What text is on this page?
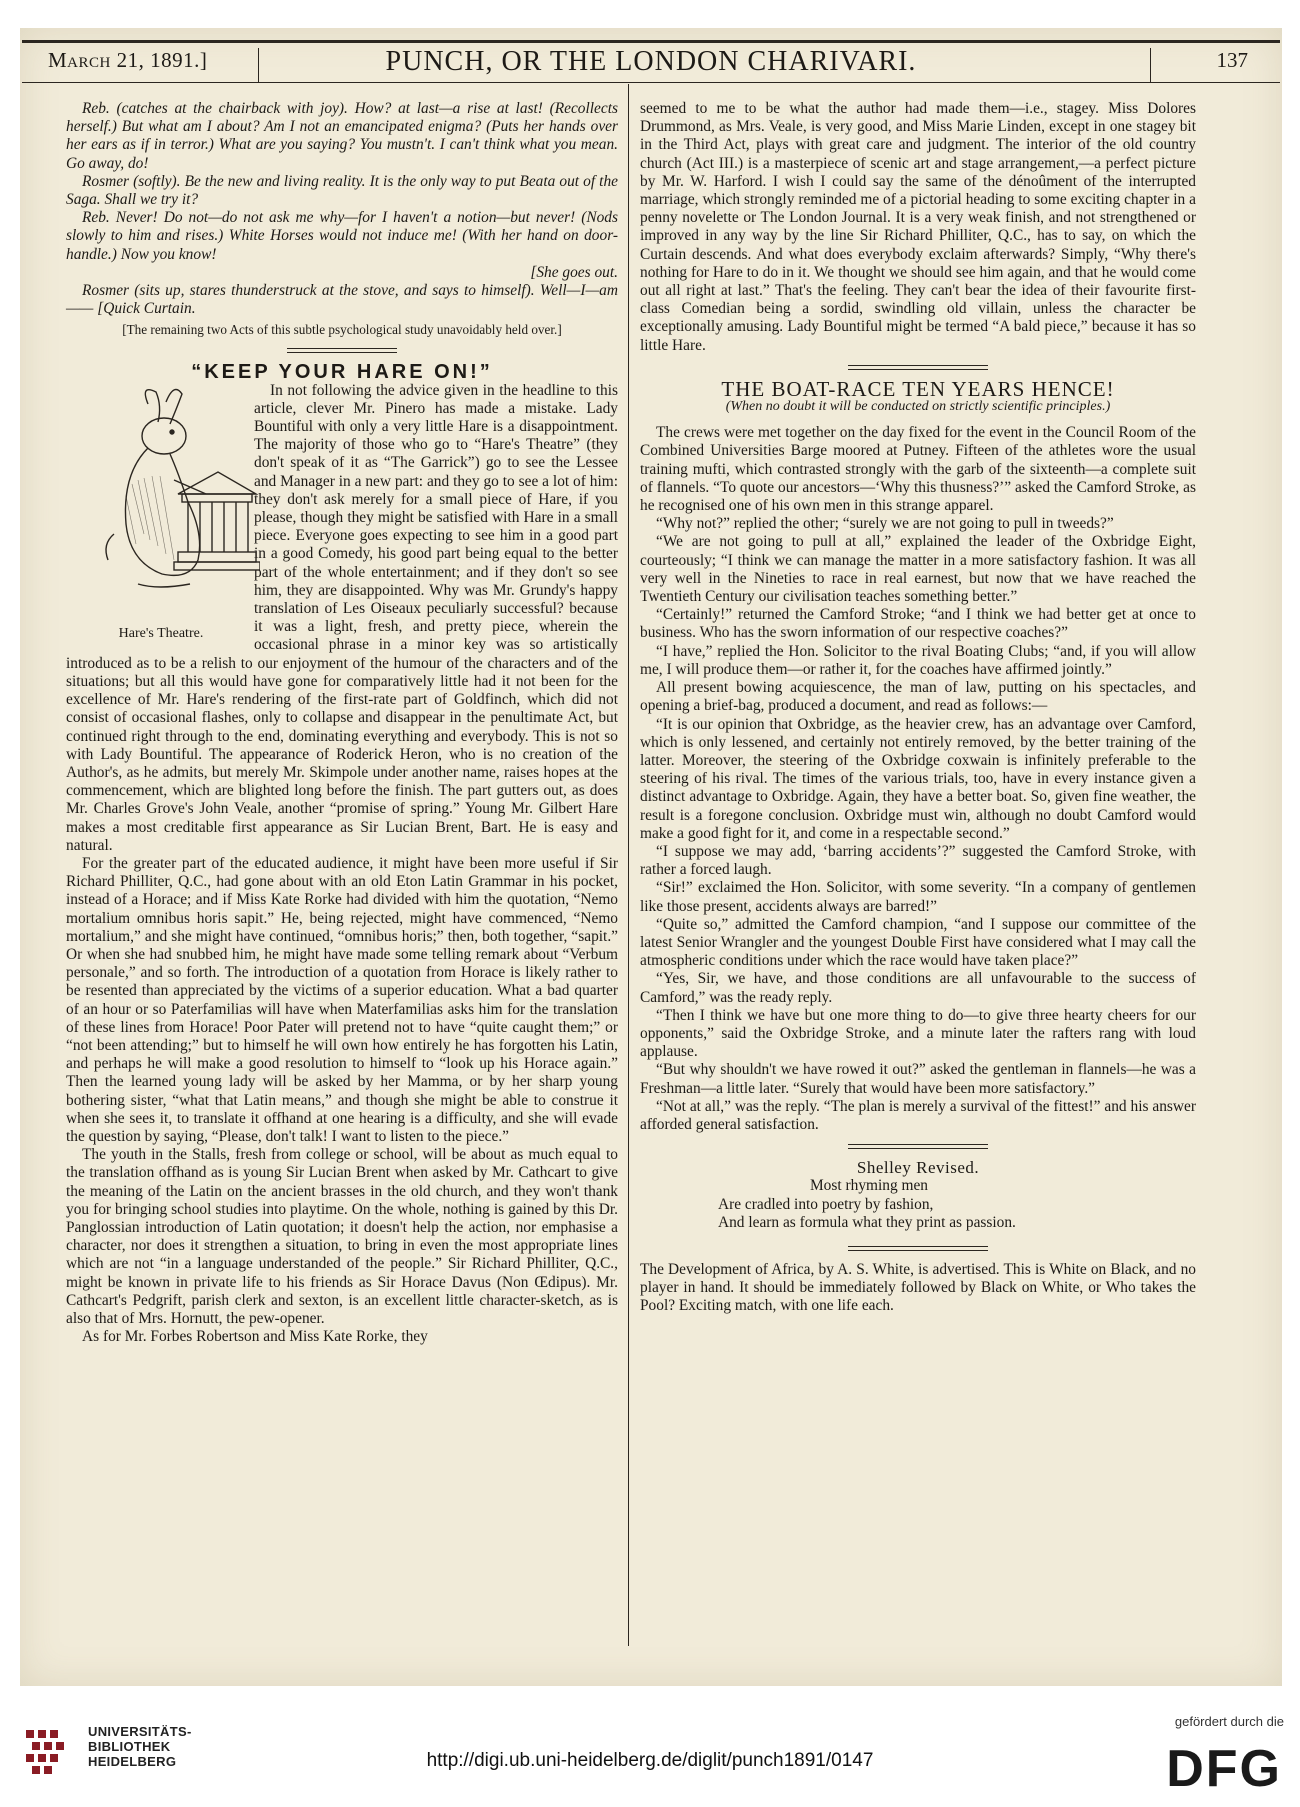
March 21, 1891.]	PUNCH, OR THE LONDON CHARIVARI.	137

Reb. (catches at the chairback with joy). How? at last—a rise at last! (Recollects herself.) But what am I about? Am I not an emancipated enigma? (Puts her hands over her ears as if in terror.) What are you saying? You mustn't. I can't think what you mean. Go away, do!

Rosmer (softly). Be the new and living reality. It is the only way to put Beata out of the Saga. Shall we try it?

Reb. Never! Do not—do not ask me why—for I haven't a notion—but never! (Nods slowly to him and rises.) White Horses would not induce me! (With her hand on door-handle.) Now you know!

[She goes out.

Rosmer (sits up, stares thunderstruck at the stove, and says to himself). Well—I—am—— [Quick Curtain.

[The remaining two Acts of this subtle psychological study unavoidably held over.]

“KEEP YOUR HARE ON!”

Hare's Theatre.
In not following the advice given in the headline to this article, clever Mr. Pinero has made a mistake. Lady Bountiful with only a very little Hare is a disappointment. The majority of those who go to “Hare's Theatre” (they don't speak of it as “The Garrick”) go to see the Lessee and Manager in a new part: and they go to see a lot of him: they don't ask merely for a small piece of Hare, if you please, though they might be satisfied with Hare in a small piece. Everyone goes expecting to see him in a good part in a good Comedy, his good part being equal to the better part of the whole entertainment; and if they don't so see him, they are disappointed. Why was Mr. Grundy's happy translation of Les Oiseaux peculiarly successful? because it was a light, fresh, and pretty piece, wherein the occasional phrase in a minor key was so artistically introduced as to be a relish to our enjoyment of the humour of the characters and of the situations; but all this would have gone for comparatively little had it not been for the excellence of Mr. Hare's rendering of the first-rate part of Goldfinch, which did not consist of occasional flashes, only to collapse and disappear in the penultimate Act, but continued right through to the end, dominating everything and everybody. This is not so with Lady Bountiful. The appearance of Roderick Heron, who is no creation of the Author's, as he admits, but merely Mr. Skimpole under another name, raises hopes at the commencement, which are blighted long before the finish. The part gutters out, as does Mr. Charles Grove's John Veale, another “promise of spring.” Young Mr. Gilbert Hare makes a most creditable first appearance as Sir Lucian Brent, Bart. He is easy and natural.

For the greater part of the educated audience, it might have been more useful if Sir Richard Philliter, Q.C., had gone about with an old Eton Latin Grammar in his pocket, instead of a Horace; and if Miss Kate Rorke had divided with him the quotation, “Nemo mortalium omnibus horis sapit.” He, being rejected, might have commenced, “Nemo mortalium,” and she might have continued, “omnibus horis;” then, both together, “sapit.” Or when she had snubbed him, he might have made some telling remark about “Verbum personale,” and so forth. The introduction of a quotation from Horace is likely rather to be resented than appreciated by the victims of a superior education. What a bad quarter of an hour or so Paterfamilias will have when Materfamilias asks him for the translation of these lines from Horace! Poor Pater will pretend not to have “quite caught them;” or “not been attending;” but to himself he will own how entirely he has forgotten his Latin, and perhaps he will make a good resolution to himself to “look up his Horace again.” Then the learned young lady will be asked by her Mamma, or by her sharp young bothering sister, “what that Latin means,” and though she might be able to construe it when she sees it, to translate it offhand at one hearing is a difficulty, and she will evade the question by saying, “Please, don't talk! I want to listen to the piece.”

The youth in the Stalls, fresh from college or school, will be about as much equal to the translation offhand as is young Sir Lucian Brent when asked by Mr. Cathcart to give the meaning of the Latin on the ancient brasses in the old church, and they won't thank you for bringing school studies into playtime. On the whole, nothing is gained by this Dr. Panglossian introduction of Latin quotation; it doesn't help the action, nor emphasise a character, nor does it strengthen a situation, to bring in even the most appropriate lines which are not “in a language understanded of the people.” Sir Richard Philliter, Q.C., might be known in private life to his friends as Sir Horace Davus (Non Œdipus). Mr. Cathcart's Pedgrift, parish clerk and sexton, is an excellent little character-sketch, as is also that of Mrs. Hornutt, the pew-opener.

As for Mr. Forbes Robertson and Miss Kate Rorke, they

seemed to me to be what the author had made them—i.e., stagey. Miss Dolores Drummond, as Mrs. Veale, is very good, and Miss Marie Linden, except in one stagey bit in the Third Act, plays with great care and judgment. The interior of the old country church (Act III.) is a masterpiece of scenic art and stage arrangement,—a perfect picture by Mr. W. Harford. I wish I could say the same of the dénoûment of the interrupted marriage, which strongly reminded me of a pictorial heading to some exciting chapter in a penny novelette or The London Journal. It is a very weak finish, and not strengthened or improved in any way by the line Sir Richard Philliter, Q.C., has to say, on which the Curtain descends. And what does everybody exclaim afterwards? Simply, “Why there's nothing for Hare to do in it. We thought we should see him again, and that he would come out all right at last.” That's the feeling. They can't bear the idea of their favourite first-class Comedian being a sordid, swindling old villain, unless the character be exceptionally amusing. Lady Bountiful might be termed “A bald piece,” because it has so little Hare.

THE BOAT-RACE TEN YEARS HENCE!

(When no doubt it will be conducted on strictly scientific principles.)

The crews were met together on the day fixed for the event in the Council Room of the Combined Universities Barge moored at Putney. Fifteen of the athletes wore the usual training mufti, which contrasted strongly with the garb of the sixteenth—a complete suit of flannels. “To quote our ancestors—‘Why this thusness?’” asked the Camford Stroke, as he recognised one of his own men in this strange apparel.

“Why not?” replied the other; “surely we are not going to pull in tweeds?”

“We are not going to pull at all,” explained the leader of the Oxbridge Eight, courteously; “I think we can manage the matter in a more satisfactory fashion. It was all very well in the Nineties to race in real earnest, but now that we have reached the Twentieth Century our civilisation teaches something better.”

“Certainly!” returned the Camford Stroke; “and I think we had better get at once to business. Who has the sworn information of our respective coaches?”

“I have,” replied the Hon. Solicitor to the rival Boating Clubs; “and, if you will allow me, I will produce them—or rather it, for the coaches have affirmed jointly.”

All present bowing acquiescence, the man of law, putting on his spectacles, and opening a brief-bag, produced a document, and read as follows:—

“It is our opinion that Oxbridge, as the heavier crew, has an advantage over Camford, which is only lessened, and certainly not entirely removed, by the better training of the latter. Moreover, the steering of the Oxbridge coxwain is infinitely preferable to the steering of his rival. The times of the various trials, too, have in every instance given a distinct advantage to Oxbridge. Again, they have a better boat. So, given fine weather, the result is a foregone conclusion. Oxbridge must win, although no doubt Camford would make a good fight for it, and come in a respectable second.”

“I suppose we may add, ‘barring accidents’?” suggested the Camford Stroke, with rather a forced laugh.

“Sir!” exclaimed the Hon. Solicitor, with some severity. “In a company of gentlemen like those present, accidents always are barred!”

“Quite so,” admitted the Camford champion, “and I suppose our committee of the latest Senior Wrangler and the youngest Double First have considered what I may call the atmospheric conditions under which the race would have taken place?”

“Yes, Sir, we have, and those conditions are all unfavourable to the success of Camford,” was the ready reply.

“Then I think we have but one more thing to do—to give three hearty cheers for our opponents,” said the Oxbridge Stroke, and a minute later the rafters rang with loud applause.

“But why shouldn't we have rowed it out?” asked the gentleman in flannels—he was a Freshman—a little later. “Surely that would have been more satisfactory.”

“Not at all,” was the reply. “The plan is merely a survival of the fittest!” and his answer afforded general satisfaction.

Shelley Revised.

Most rhyming men

Are cradled into poetry by fashion,

And learn as formula what they print as passion.

The Development of Africa, by A. S. White, is advertised. This is White on Black, and no player in hand. It should be immediately followed by Black on White, or Who takes the Pool? Exciting match, with one life each.

UNIVERSITÄTS-
BIBLIOTHEK
HEIDELBERG	http://digi.ub.uni-heidelberg.de/diglit/punch1891/0147
gefördert durch die
DFG
